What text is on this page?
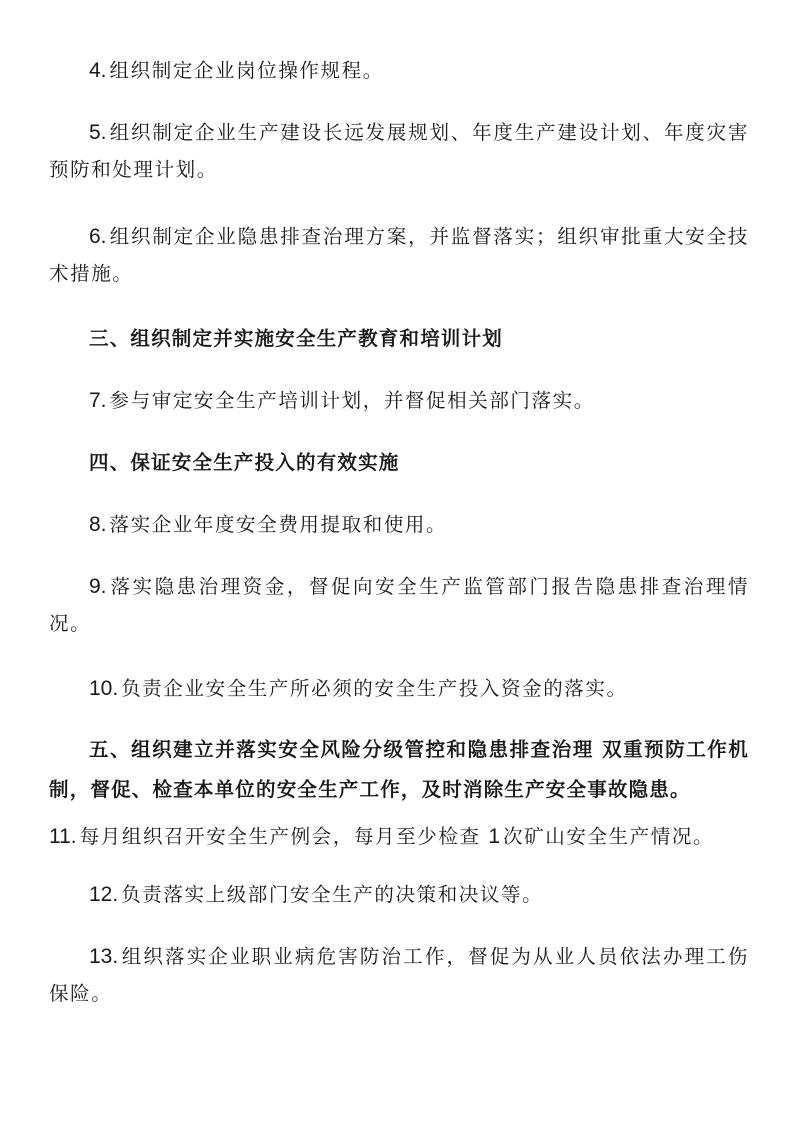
4. 组织制定企业岗位操作规程。

5. 组织制定企业生产建设长远发展规划、年度生产建设计划、年度灾害预防和处理计划。

6. 组织制定企业隐患排查治理方案，并监督落实；组织审批重大安全技术措施。

三、组织制定并实施安全生产教育和培训计划

7. 参与审定安全生产培训计划，并督促相关部门落实。

四、保证安全生产投入的有效实施

8. 落实企业年度安全费用提取和使用。

9. 落实隐患治理资金，督促向安全生产监管部门报告隐患排查治理情况。

10. 负责企业安全生产所必须的安全生产投入资金的落实。

五、组织建立并落实安全风险分级管控和隐患排查治理 双重预防工作机制，督促、检查本单位的安全生产工作，及时消除生产安全事故隐患。

11. 每月组织召开安全生产例会，每月至少检查 1 次矿山安全生产情况。

12. 负责落实上级部门安全生产的决策和决议等。

13. 组织落实企业职业病危害防治工作，督促为从业人员依法办理工伤保险。
